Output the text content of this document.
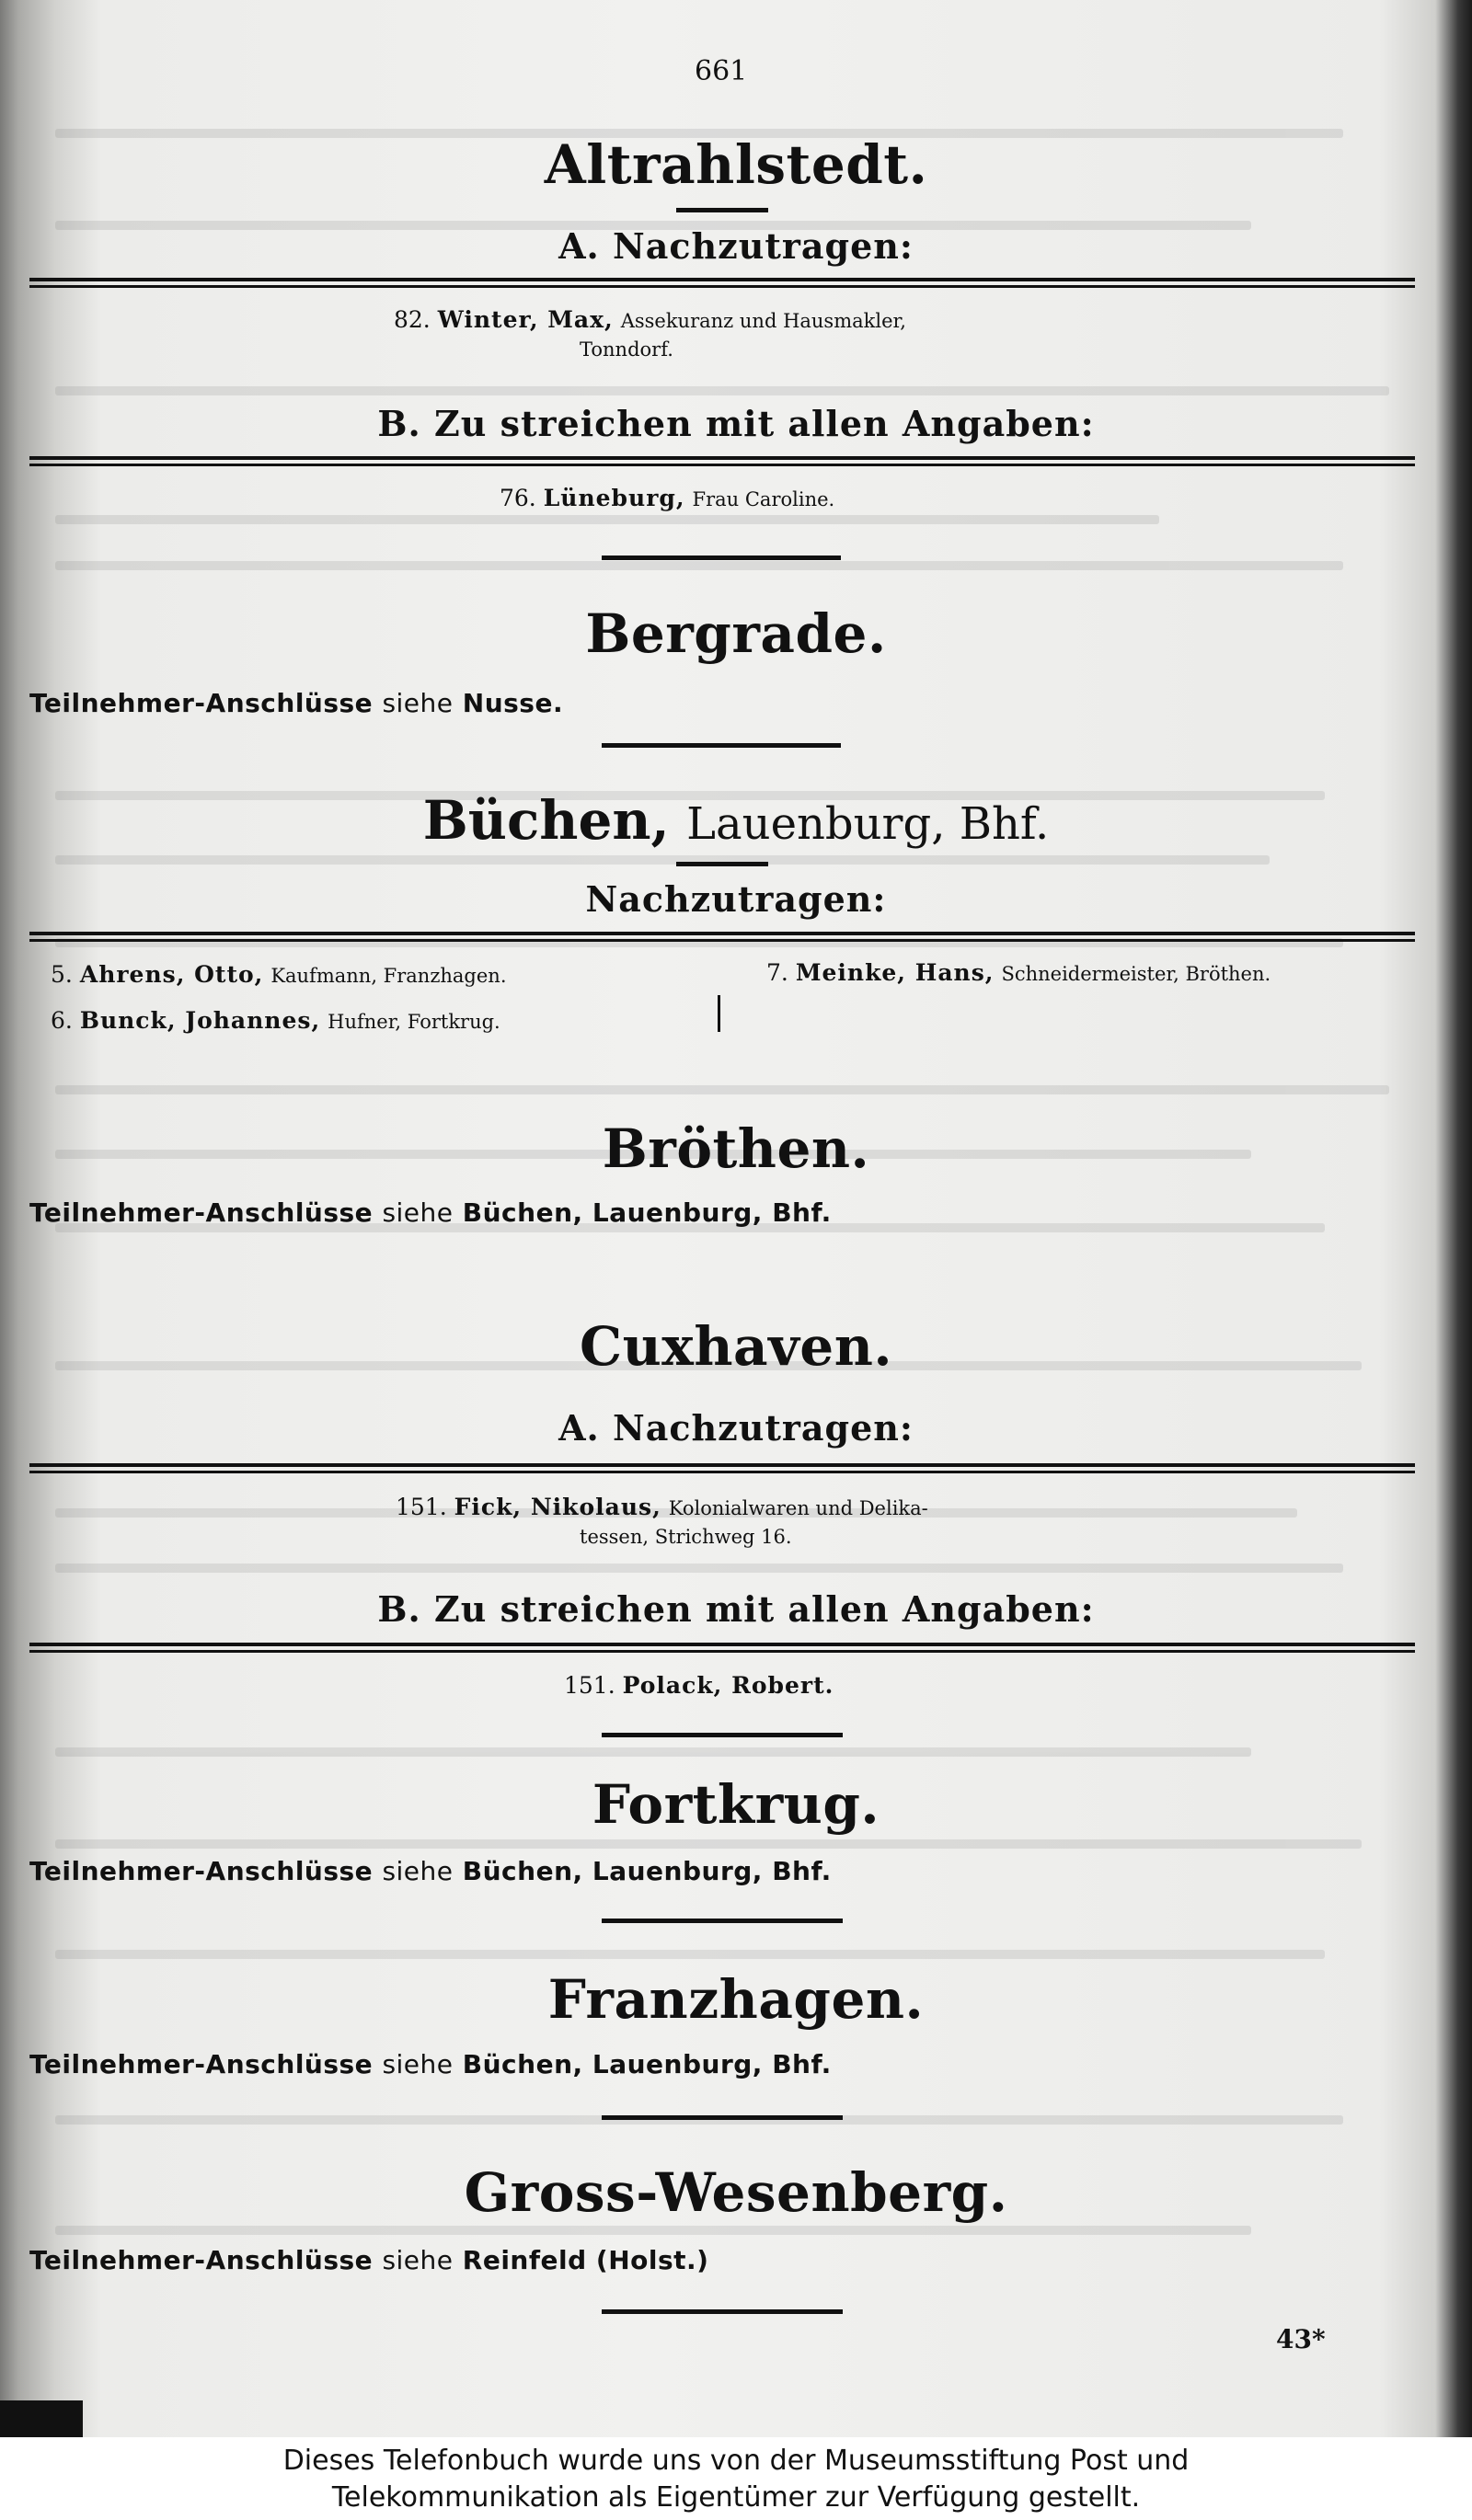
661
Altrahlstedt.
A. Nachzutragen:
82. Winter, Max, Assekuranz und Hausmakler,
Tonndorf.
B. Zu streichen mit allen Angaben:
76. Lüneburg, Frau Caroline.
Bergrade.
Teilnehmer-Anschlüsse siehe Nusse.
Büchen, Lauenburg, Bhf.
Nachzutragen:
5. Ahrens, Otto, Kaufmann, Franzhagen.
6. Bunck, Johannes, Hufner, Fortkrug.
7. Meinke, Hans, Schneidermeister, Bröthen.
Bröthen.
Teilnehmer-Anschlüsse siehe Büchen, Lauenburg, Bhf.
Cuxhaven.
A. Nachzutragen:
151. Fick, Nikolaus, Kolonialwaren und Delika-
tessen, Strichweg 16.
B. Zu streichen mit allen Angaben:
151. Polack, Robert.
Fortkrug.
Teilnehmer-Anschlüsse siehe Büchen, Lauenburg, Bhf.
Franzhagen.
Teilnehmer-Anschlüsse siehe Büchen, Lauenburg, Bhf.
Gross-Wesenberg.
Teilnehmer-Anschlüsse siehe Reinfeld (Holst.)
43*
Dieses Telefonbuch wurde uns von der Museumsstiftung Post und
Telekommunikation als Eigentümer zur Verfügung gestellt.
